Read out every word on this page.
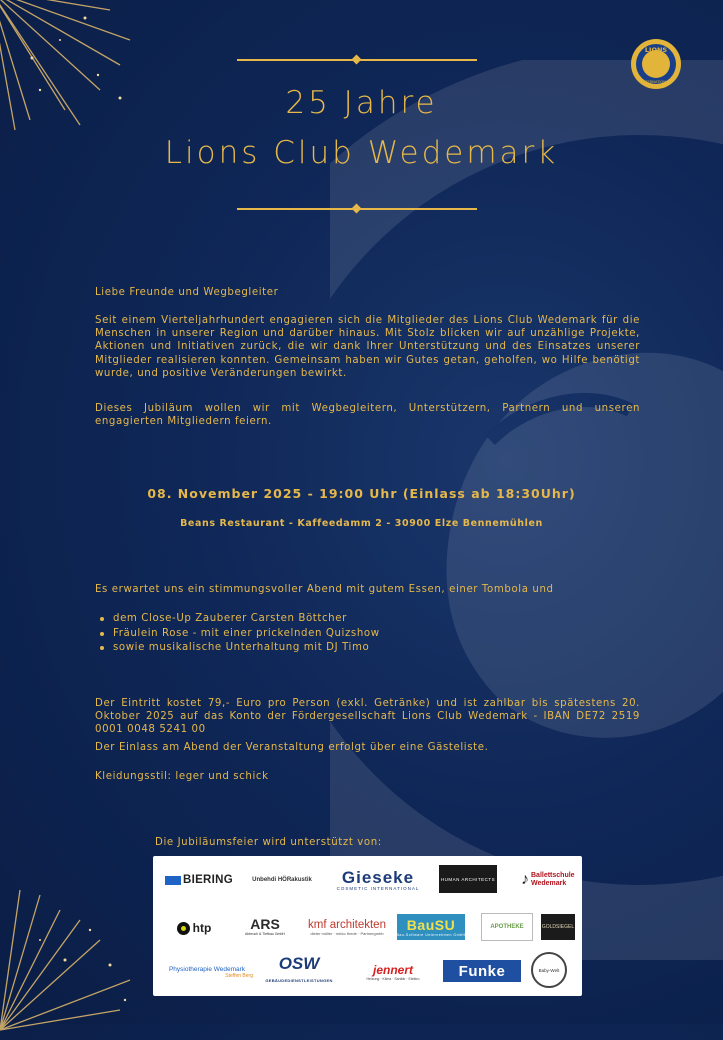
LIONS
INTERNATIONAL
25 Jahre
Lions Club Wedemark

Liebe Freunde und Wegbegleiter

Seit einem Vierteljahrhundert engagieren sich die Mitglieder des Lions Club Wedemark für die Menschen in unserer Region und darüber hinaus. Mit Stolz blicken wir auf unzählige Projekte, Aktionen und Initiativen zurück, die wir dank Ihrer Unterstützung und des Einsatzes unserer Mitglieder realisieren konnten. Gemeinsam haben wir Gutes getan, geholfen, wo Hilfe benötigt wurde, und positive Veränderungen bewirkt.

Dieses Jubiläum wollen wir mit Wegbegleitern, Unterstützern, Partnern und unseren engagierten Mitgliedern feiern.

08. November 2025 - 19:00 Uhr (Einlass ab 18:30Uhr)
Beans Restaurant - Kaffeedamm 2 - 30900 Elze Bennemühlen

Es erwartet uns ein stimmungsvoller Abend mit gutem Essen, einer Tombola und

dem Close-Up Zauberer Carsten Böttcher
Fräulein Rose - mit einer prickelnden Quizshow
sowie musikalische Unterhaltung mit DJ Timo

Der Eintritt kostet 79,- Euro pro Person (exkl. Getränke) und ist zahlbar bis spätestens 20. Oktober 2025 auf das Konto der Fördergesellschaft Lions Club Wedemark - IBAN DE72 2519 0001 0048 5241 00

Der Einlass am Abend der Veranstaltung erfolgt über eine Gästeliste.

Kleidungsstil: leger und schick

Die Jubiläumsfeier wird unterstützt von:
BIERING	Unbehdi HÖRakustik Gieseke
COSMETIC INTERNATIONAL
HUMAN ARCHITECTS ♪ Ballettschule Wedemark
htp	ARS
Abbruch & Tiefbau GmbH
kmf architekten
dieter müller · mirko thede · Partnergmbb BauSU
Bau-Software Unternehmen GmbH
APOTHEKE	GOLDSIEGEL
Physiotherapie Wedemark
Steffen Berg
OSW
GEBÄUDEDIENSTLEISTUNGEN
jennert
Heizung · Klima · Sanitär · Elektro	Funke	Baby-Welt
